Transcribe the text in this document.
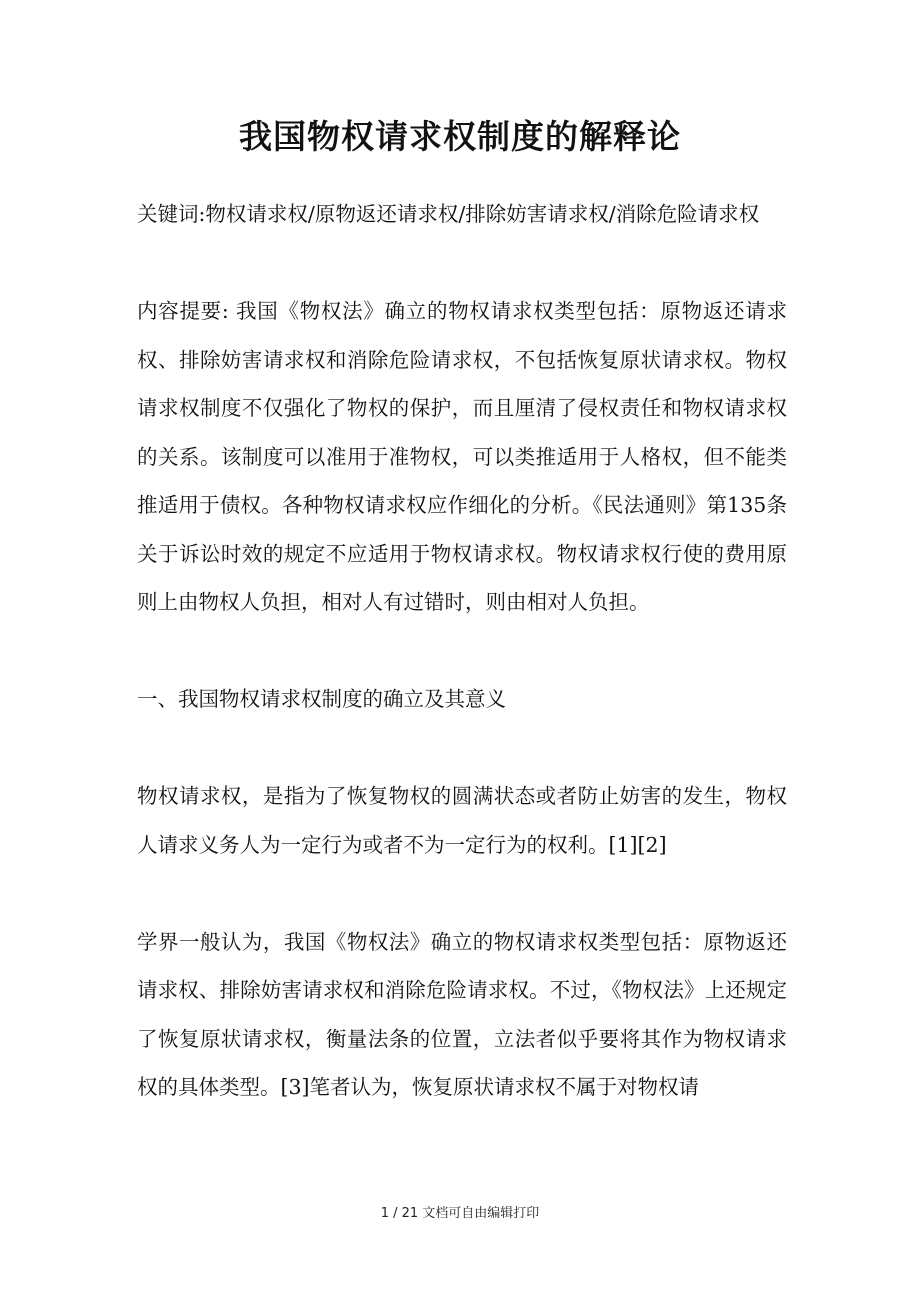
我国物权请求权制度的解释论

关键词:物权请求权/原物返还请求权/排除妨害请求权/消除危险请求权

内容提要: 我国《物权法》确立的物权请求权类型包括：原物返还请求权、排除妨害请求权和消除危险请求权，不包括恢复原状请求权。物权请求权制度不仅强化了物权的保护，而且厘清了侵权责任和物权请求权的关系。该制度可以准用于准物权，可以类推适用于人格权，但不能类推适用于债权。各种物权请求权应作细化的分析。《民法通则》第135条关于诉讼时效的规定不应适用于物权请求权。物权请求权行使的费用原则上由物权人负担，相对人有过错时，则由相对人负担。

一、我国物权请求权制度的确立及其意义

物权请求权，是指为了恢复物权的圆满状态或者防止妨害的发生，物权人请求义务人为一定行为或者不为一定行为的权利。[1][2]

学界一般认为，我国《物权法》确立的物权请求权类型包括：原物返还请求权、排除妨害请求权和消除危险请求权。不过，《物权法》上还规定了恢复原状请求权，衡量法条的位置，立法者似乎要将其作为物权请求权的具体类型。[3]笔者认为，恢复原状请求权不属于对物权请

1 / 21 文档可自由编辑打印
